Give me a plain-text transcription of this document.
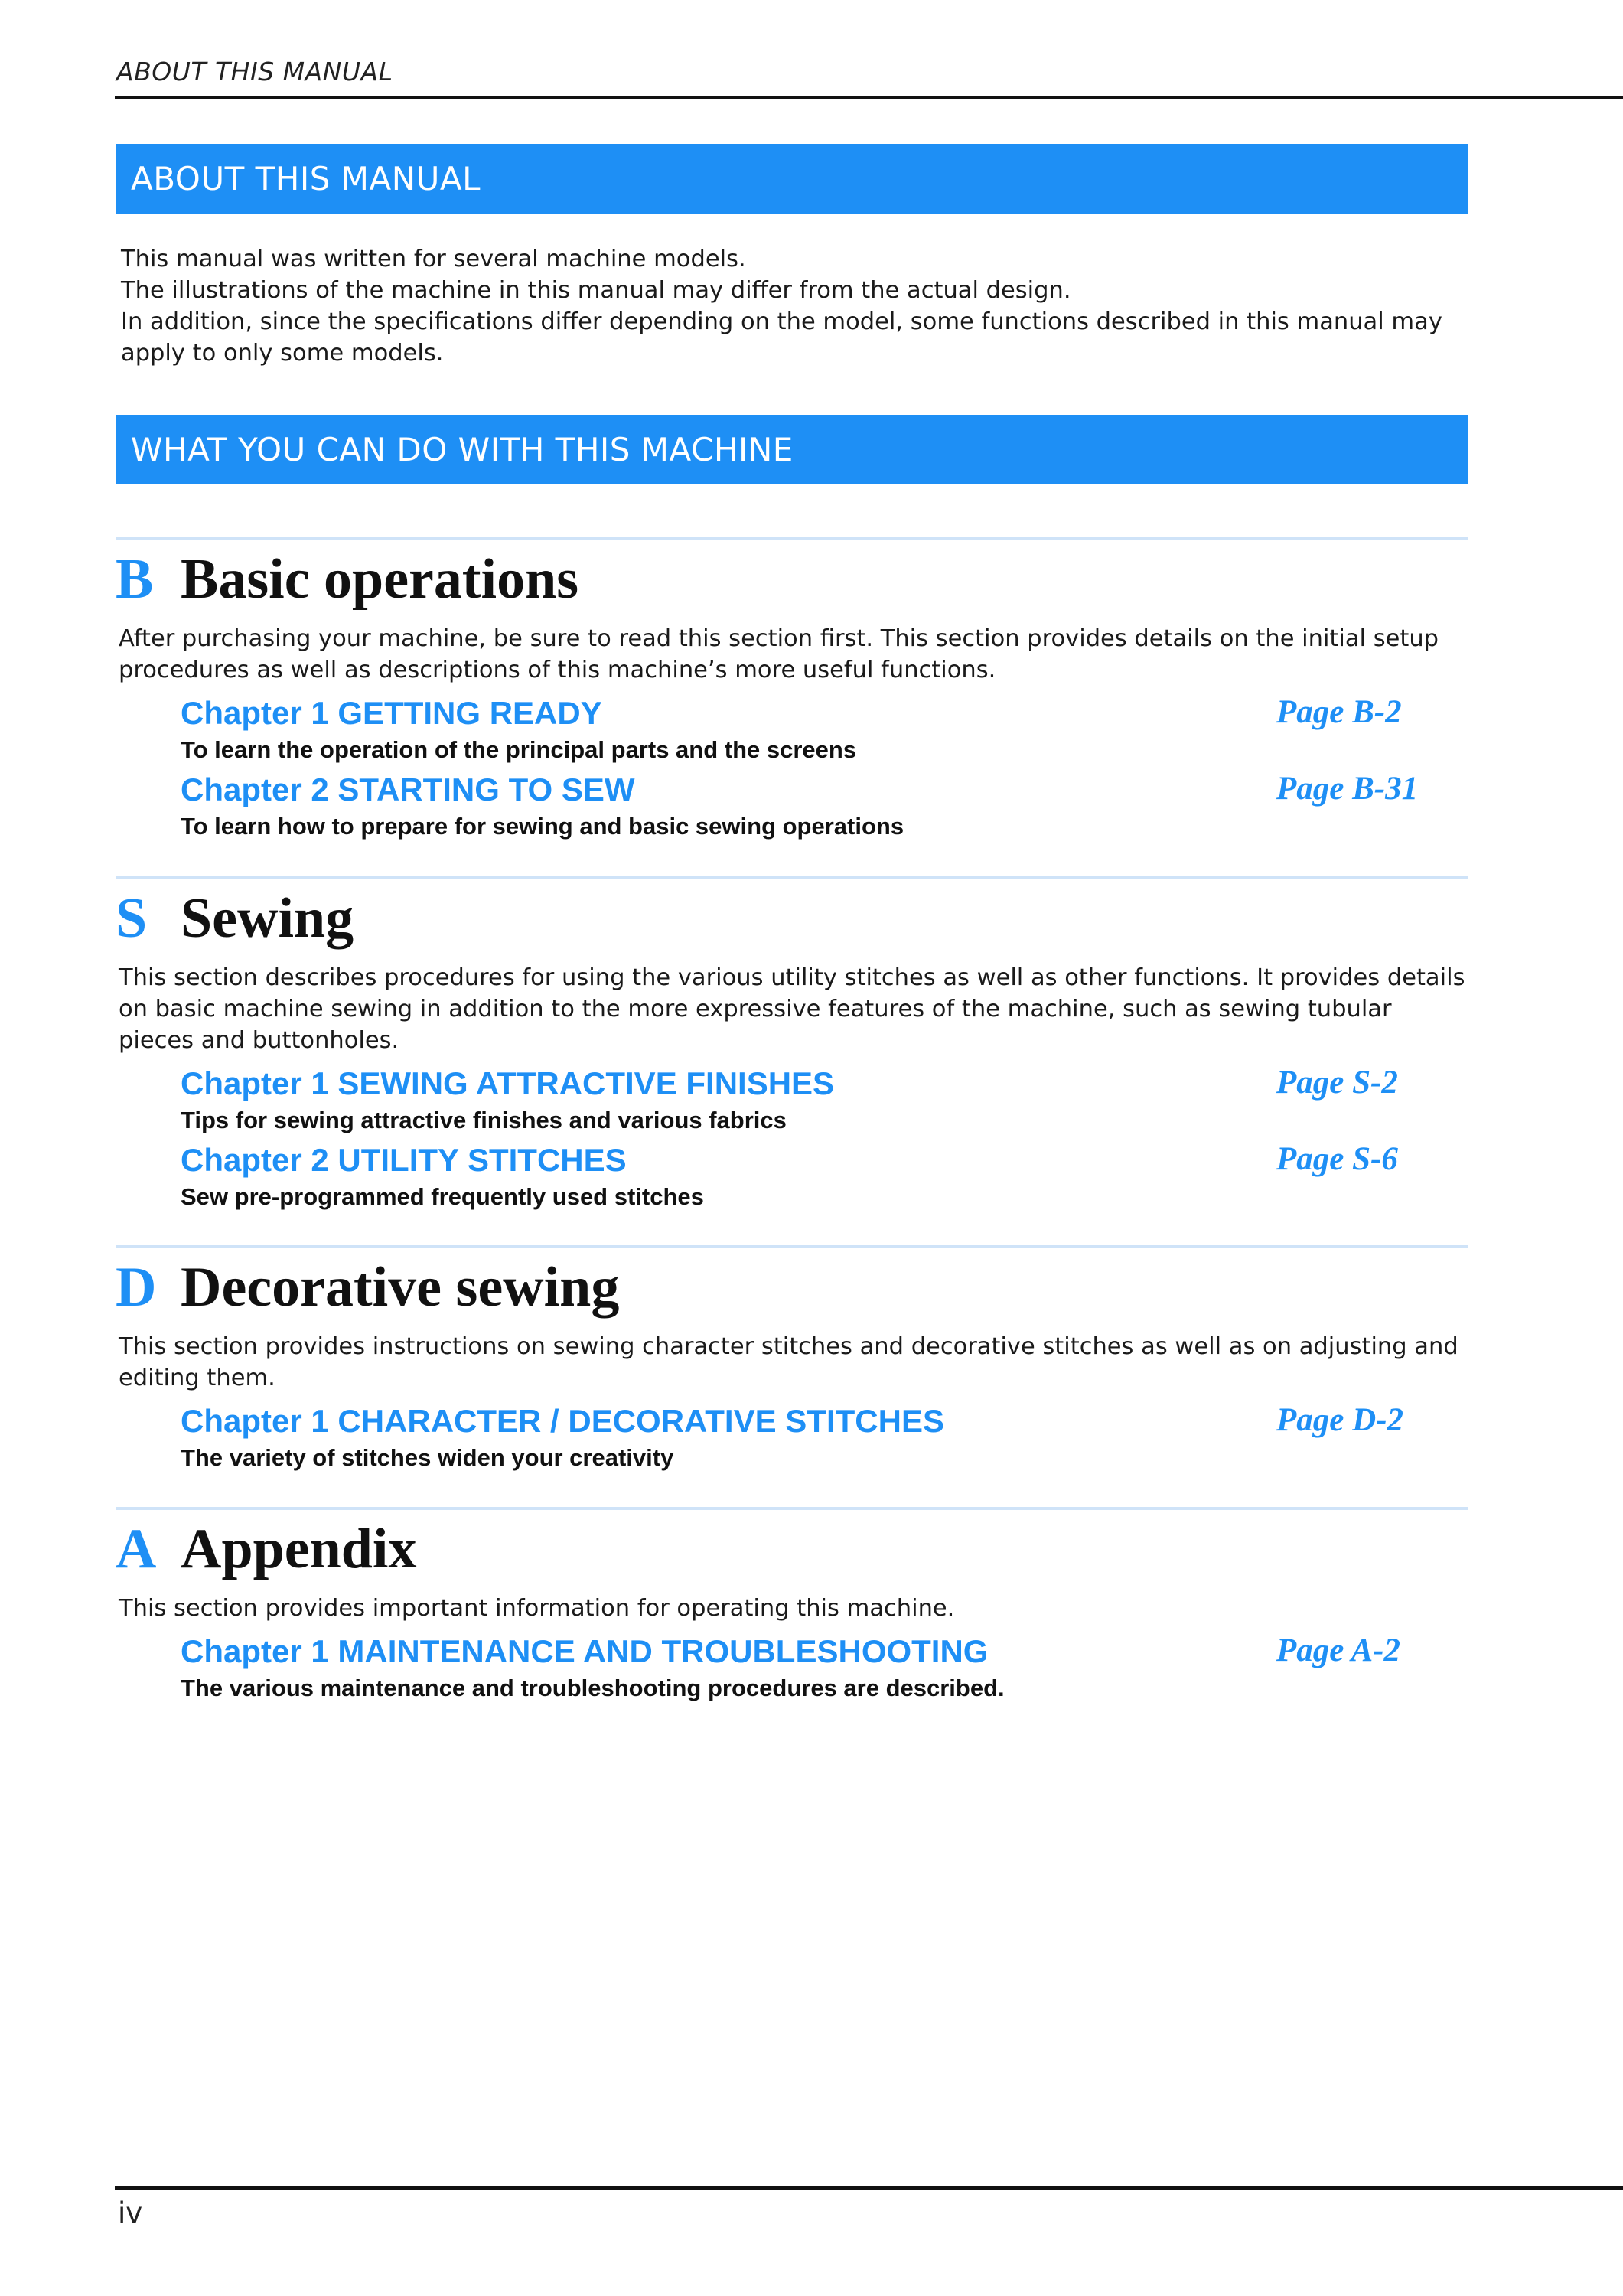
ABOUT THIS MANUAL
ABOUT THIS MANUAL

This manual was written for several machine models.

The illustrations of the machine in this manual may differ from the actual design.

In addition, since the specifications differ depending on the model, some functions described in this manual may apply to only some models.

WHAT YOU CAN DO WITH THIS MACHINE
B Basic operations
After purchasing your machine, be sure to read this section first. This section provides details on the initial setup procedures as well as descriptions of this machine’s more useful functions.
Chapter 1 GETTING READY	Page B-2
To learn the operation of the principal parts and the screens
Chapter 2 STARTING TO SEW	Page B-31
To learn how to prepare for sewing and basic sewing operations
S Sewing
This section describes procedures for using the various utility stitches as well as other functions. It provides details on basic machine sewing in addition to the more expressive features of the machine, such as sewing tubular pieces and buttonholes.
Chapter 1 SEWING ATTRACTIVE FINISHES	Page S-2
Tips for sewing attractive finishes and various fabrics
Chapter 2 UTILITY STITCHES	Page S-6
Sew pre-programmed frequently used stitches
D Decorative sewing
This section provides instructions on sewing character stitches and decorative stitches as well as on adjusting and editing them.
Chapter 1 CHARACTER / DECORATIVE STITCHES	Page D-2
The variety of stitches widen your creativity
A Appendix
This section provides important information for operating this machine.
Chapter 1 MAINTENANCE AND TROUBLESHOOTING	Page A-2
The various maintenance and troubleshooting procedures are described.
iv
